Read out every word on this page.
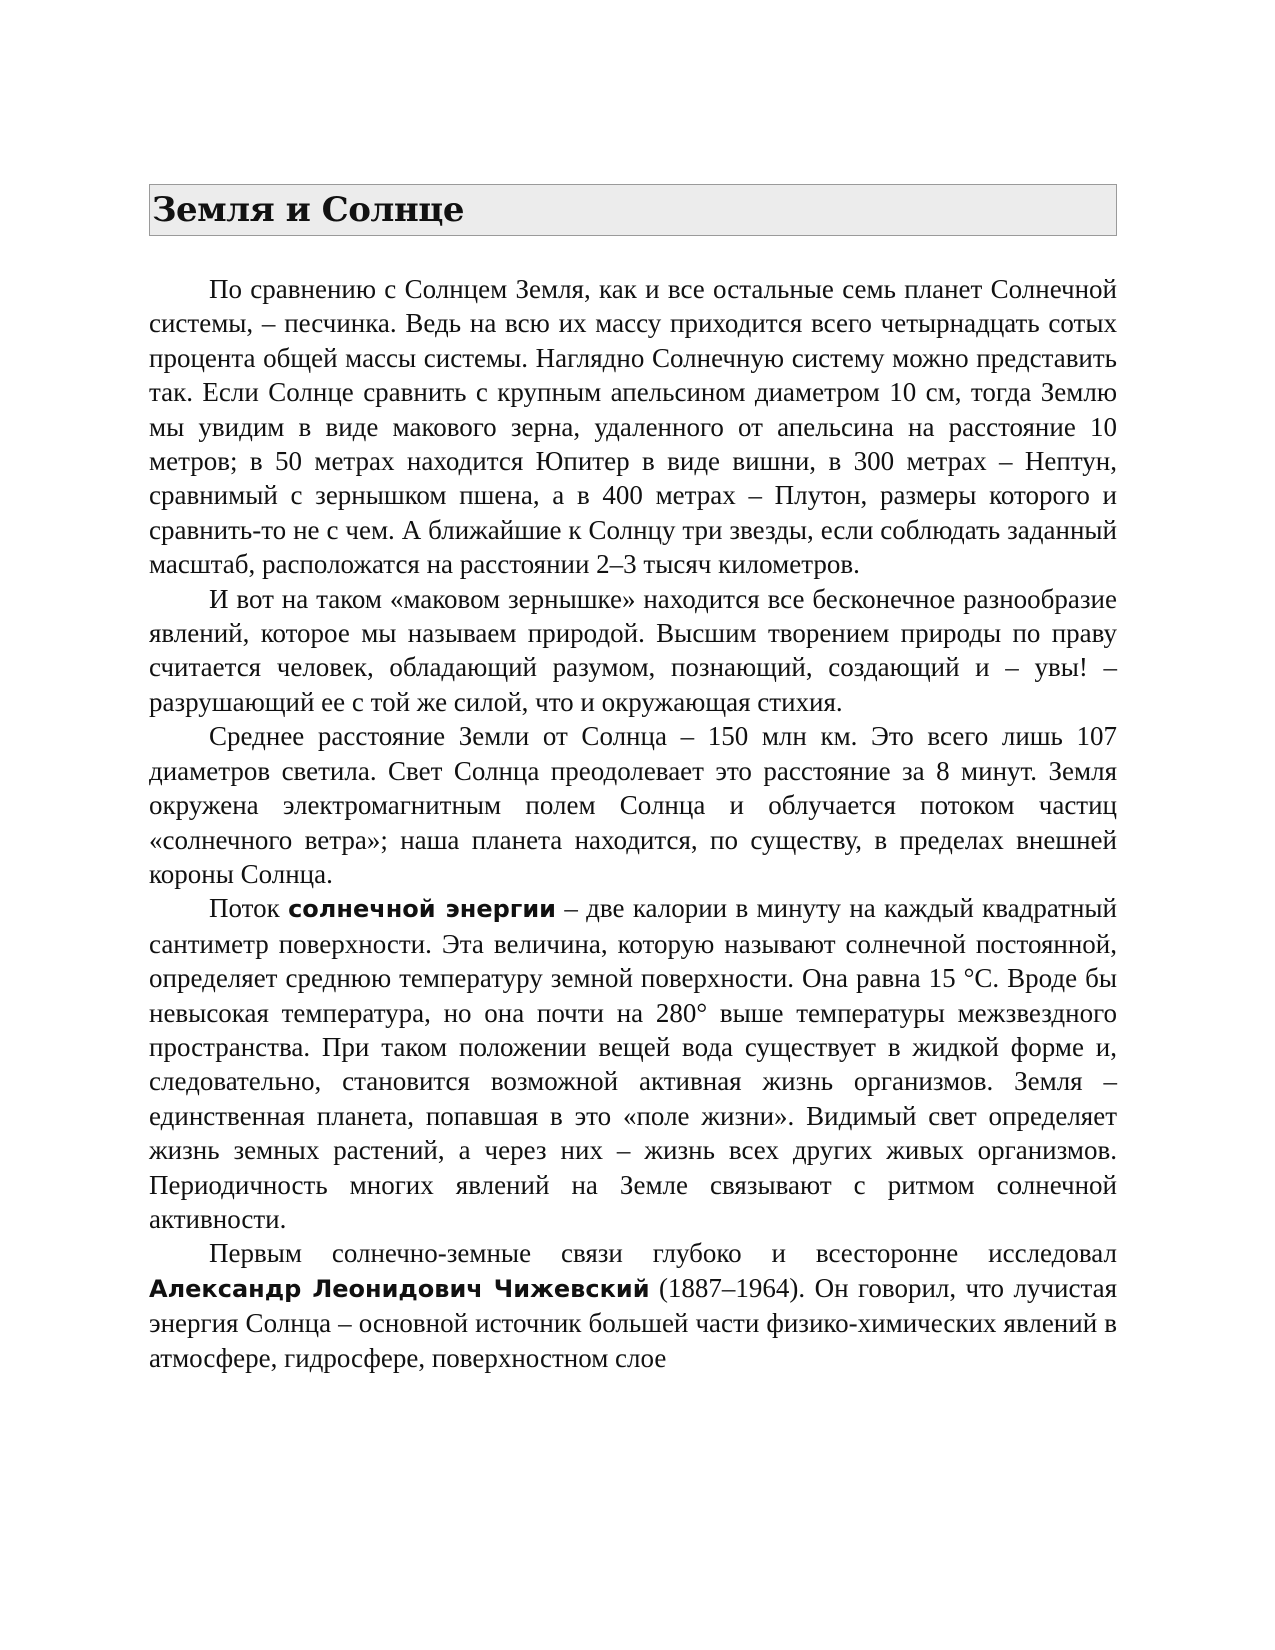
Земля и Солнце

По сравнению с Солнцем Земля, как и все остальные семь планет Солнечной системы, – песчинка. Ведь на всю их массу приходится всего четырнадцать сотых процента общей массы системы. Наглядно Солнечную систему можно представить так. Если Солнце сравнить с крупным апельсином диаметром 10 см, тогда Землю мы увидим в виде макового зерна, удаленного от апельсина на расстояние 10 метров; в 50 метрах находится Юпитер в виде вишни, в 300 метрах – Нептун, сравнимый с зернышком пшена, а в 400 метрах – Плутон, размеры которого и сравнить-то не с чем. А ближайшие к Солнцу три звезды, если соблюдать заданный масштаб, расположатся на расстоянии 2–3 тысяч километров.

И вот на таком «маковом зернышке» находится все бесконечное разнообразие явлений, которое мы называем природой. Высшим творением природы по праву считается человек, обладающий разумом, познающий, создающий и – увы! – разрушающий ее с той же силой, что и окружающая стихия.

Среднее расстояние Земли от Солнца – 150 млн км. Это всего лишь 107 диаметров светила. Свет Солнца преодолевает это расстояние за 8 минут. Земля окружена электромагнитным полем Солнца и облучается потоком частиц «солнечного ветра»; наша планета находится, по существу, в пределах внешней короны Солнца.

Поток солнечной энергии – две калории в минуту на каждый квадратный сантиметр поверхности. Эта величина, которую называют солнечной постоянной, определяет среднюю температуру земной поверхности. Она равна 15 °С. Вроде бы невысокая температура, но она почти на 280° выше температуры межзвездного пространства. При таком положении вещей вода существует в жидкой форме и, следовательно, становится возможной активная жизнь организмов. Земля – единственная планета, попавшая в это «поле жизни». Видимый свет определяет жизнь земных растений, а через них – жизнь всех других живых организмов. Периодичность многих явлений на Земле связывают с ритмом солнечной активности.

Первым солнечно-земные связи глубоко и всесторонне исследовал Александр Леонидович Чижевский (1887–1964). Он говорил, что лучистая энергия Солнца – основной источник большей части физико-химических явлений в атмосфере, гидросфере, поверхностном слое
